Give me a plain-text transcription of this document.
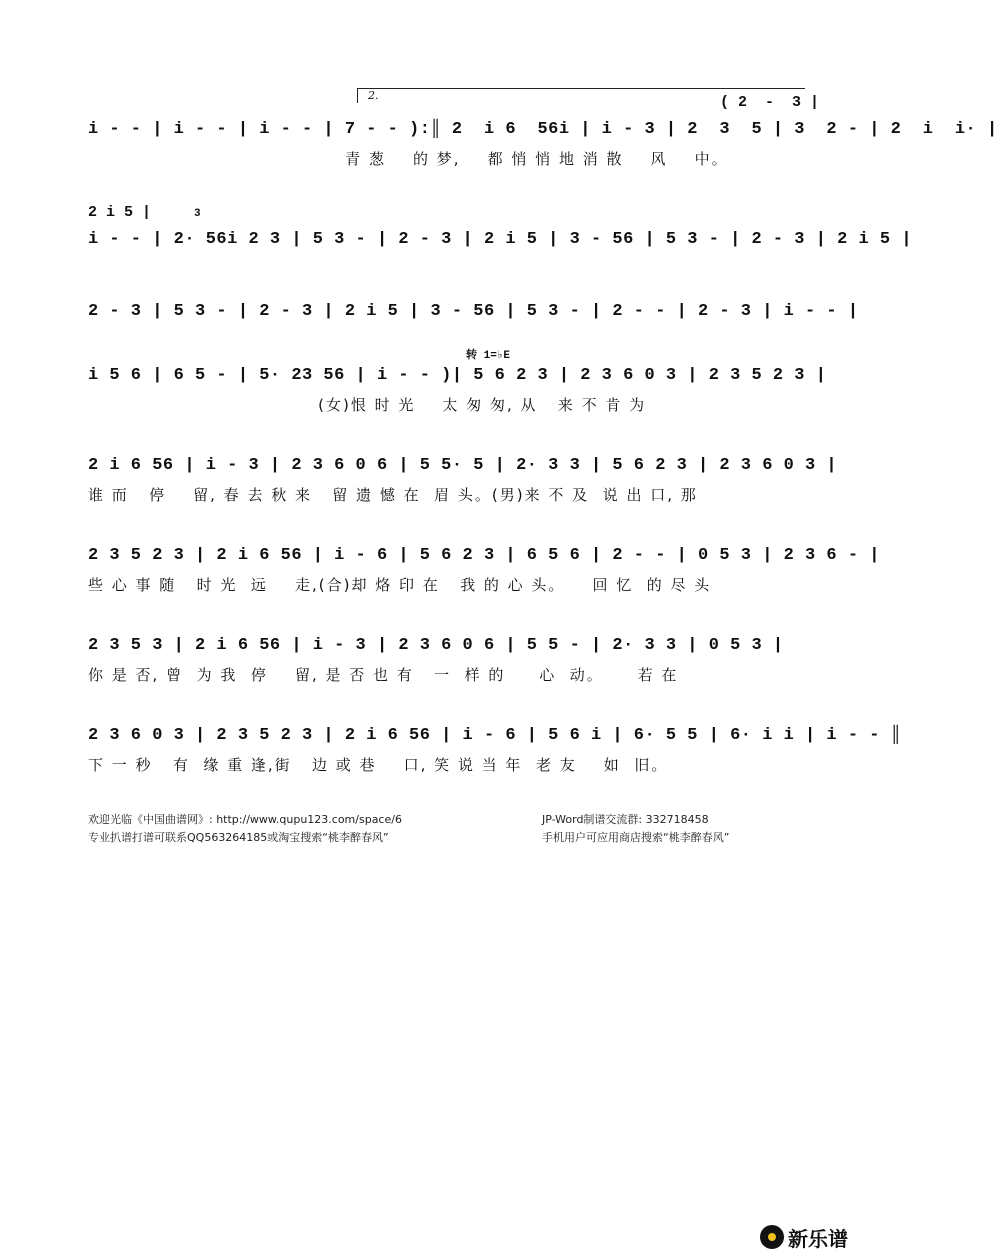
2.	( 2  -  3 |
i - - | i - - | i - - | 7 - - ):║ 2  i 6  56i | i - 3 | 2  3  5 | 3  2 - | 2  i  i· |
青 葱    的 梦,    都 悄 悄 地 消 散    风    中。
2 i 5 |	3
i - - | 2· 56i 2 3 | 5 3 - | 2 - 3 | 2 i 5 | 3 - 56 | 5 3 - | 2 - 3 | 2 i 5 |
2 - 3 | 5 3 - | 2 - 3 | 2 i 5 | 3 - 56 | 5 3 - | 2 - - | 2 - 3 | i - - |
转 1=♭E
i 5 6 | 6 5 - | 5· 23 56 | i - - )| 5 6 2 3 | 2 3 6 0 3 | 2 3 5 2 3 |
(女)恨 时 光    太 匆 匆, 从   来 不 肯 为
2 i 6 56 | i - 3 | 2 3 6 0 6 | 5 5· 5 | 2· 3 3 | 5 6 2 3 | 2 3 6 0 3 |
谁 而   停    留, 春 去 秋 来   留 遗 憾 在  眉 头。(男)来 不 及  说 出 口, 那
2 3 5 2 3 | 2 i 6 56 | i - 6 | 5 6 2 3 | 6 5 6 | 2 - - | 0 5 3 | 2 3 6 - |
些 心 事 随   时 光  远    走,(合)却 烙 印 在   我 的 心 头。    回 忆  的 尽 头
2 3 5 3 | 2 i 6 56 | i - 3 | 2 3 6 0 6 | 5 5 - | 2· 3 3 | 0 5 3 |
你 是 否, 曾  为 我  停    留, 是 否 也 有   一  样 的     心  动。     若 在
2 3 6 0 3 | 2 3 5 2 3 | 2 i 6 56 | i - 6 | 5 6 i | 6· 5 5 | 6· i i | i - - ║
下 一 秒   有  缘 重 逢,街   边 或 巷    口, 笑 说 当 年  老 友    如  旧。
欢迎光临《中国曲谱网》: http://www.qupu123.com/space/6
专业扒谱打谱可联系QQ563264185或淘宝搜索“桃李醉春风”
JP-Word制谱交流群: 332718458
手机用户可应用商店搜索“桃李醉春风”
新乐谱
